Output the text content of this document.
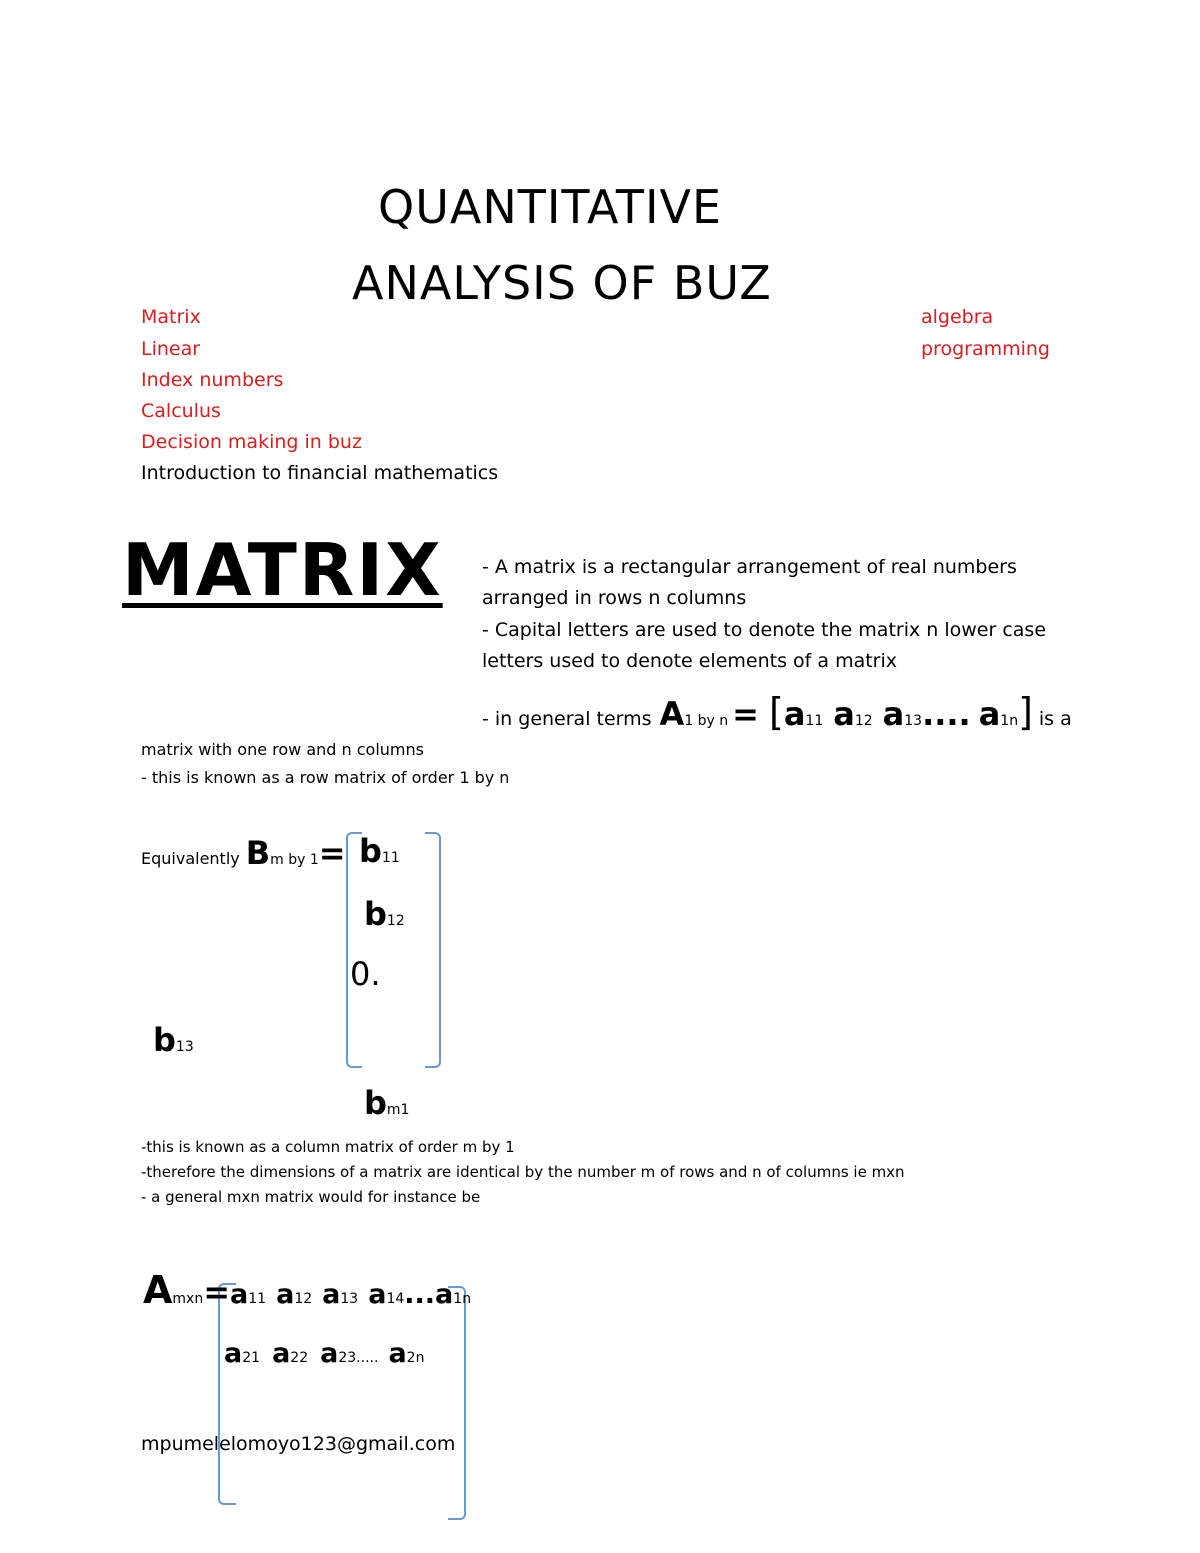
QUANTITATIVE
ANALYSIS OF BUZ
Matrix
Linear
Index numbers
Calculus
Decision making in buz
Introduction to financial mathematics
algebra
programming
MATRIX - A matrix is a rectangular arrangement of real numbers
arranged in rows n columns
- Capital letters are used to denote the matrix n lower case
letters used to denote elements of a matrix
- in general terms A 1 by n = [ a 11 a 12 a 13 .... a 1n ] is a
matrix with one row and n columns
- this is known as a row matrix of order 1 by n
Equivalently B m by 1 = b11
b12
0.
b13
bm1
-this is known as a column matrix of order m by 1
-therefore the dimensions of a matrix are identical by the number m of rows and n of columns ie mxn
- a general mxn matrix would for instance be
A mxn = a 11 a 12 a 13 a 14 ...a 1n
a 21 a 22 a 23..... a 2n
mpumelelomoyo123@gmail.com
